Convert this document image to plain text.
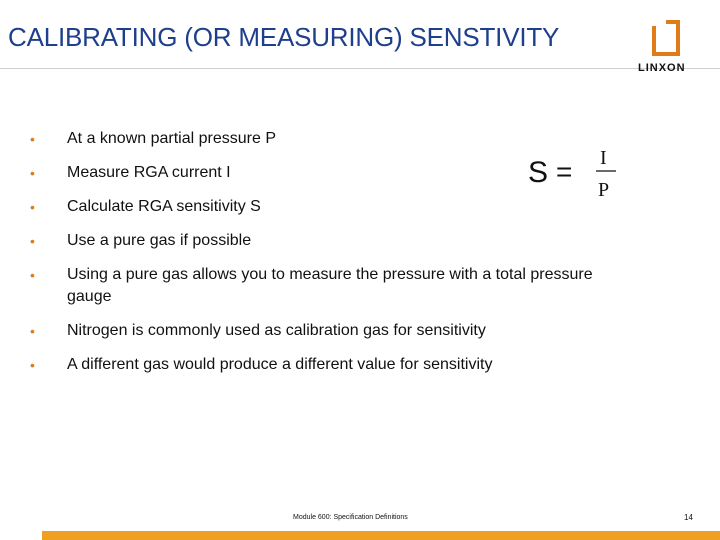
CALIBRATING (OR MEASURING) SENSTIVITY
LINXON
• At a known partial pressure P
• Measure RGA current I
• Calculate RGA sensitivity S
• Use a pure gas if possible
• Using a pure gas allows you to measure the pressure with a total pressure gauge
• Nitrogen is commonly used as calibration gas for sensitivity
• A different gas would produce a different value for sensitivity
S = I
P
Module 600: Specification Definitions	14
